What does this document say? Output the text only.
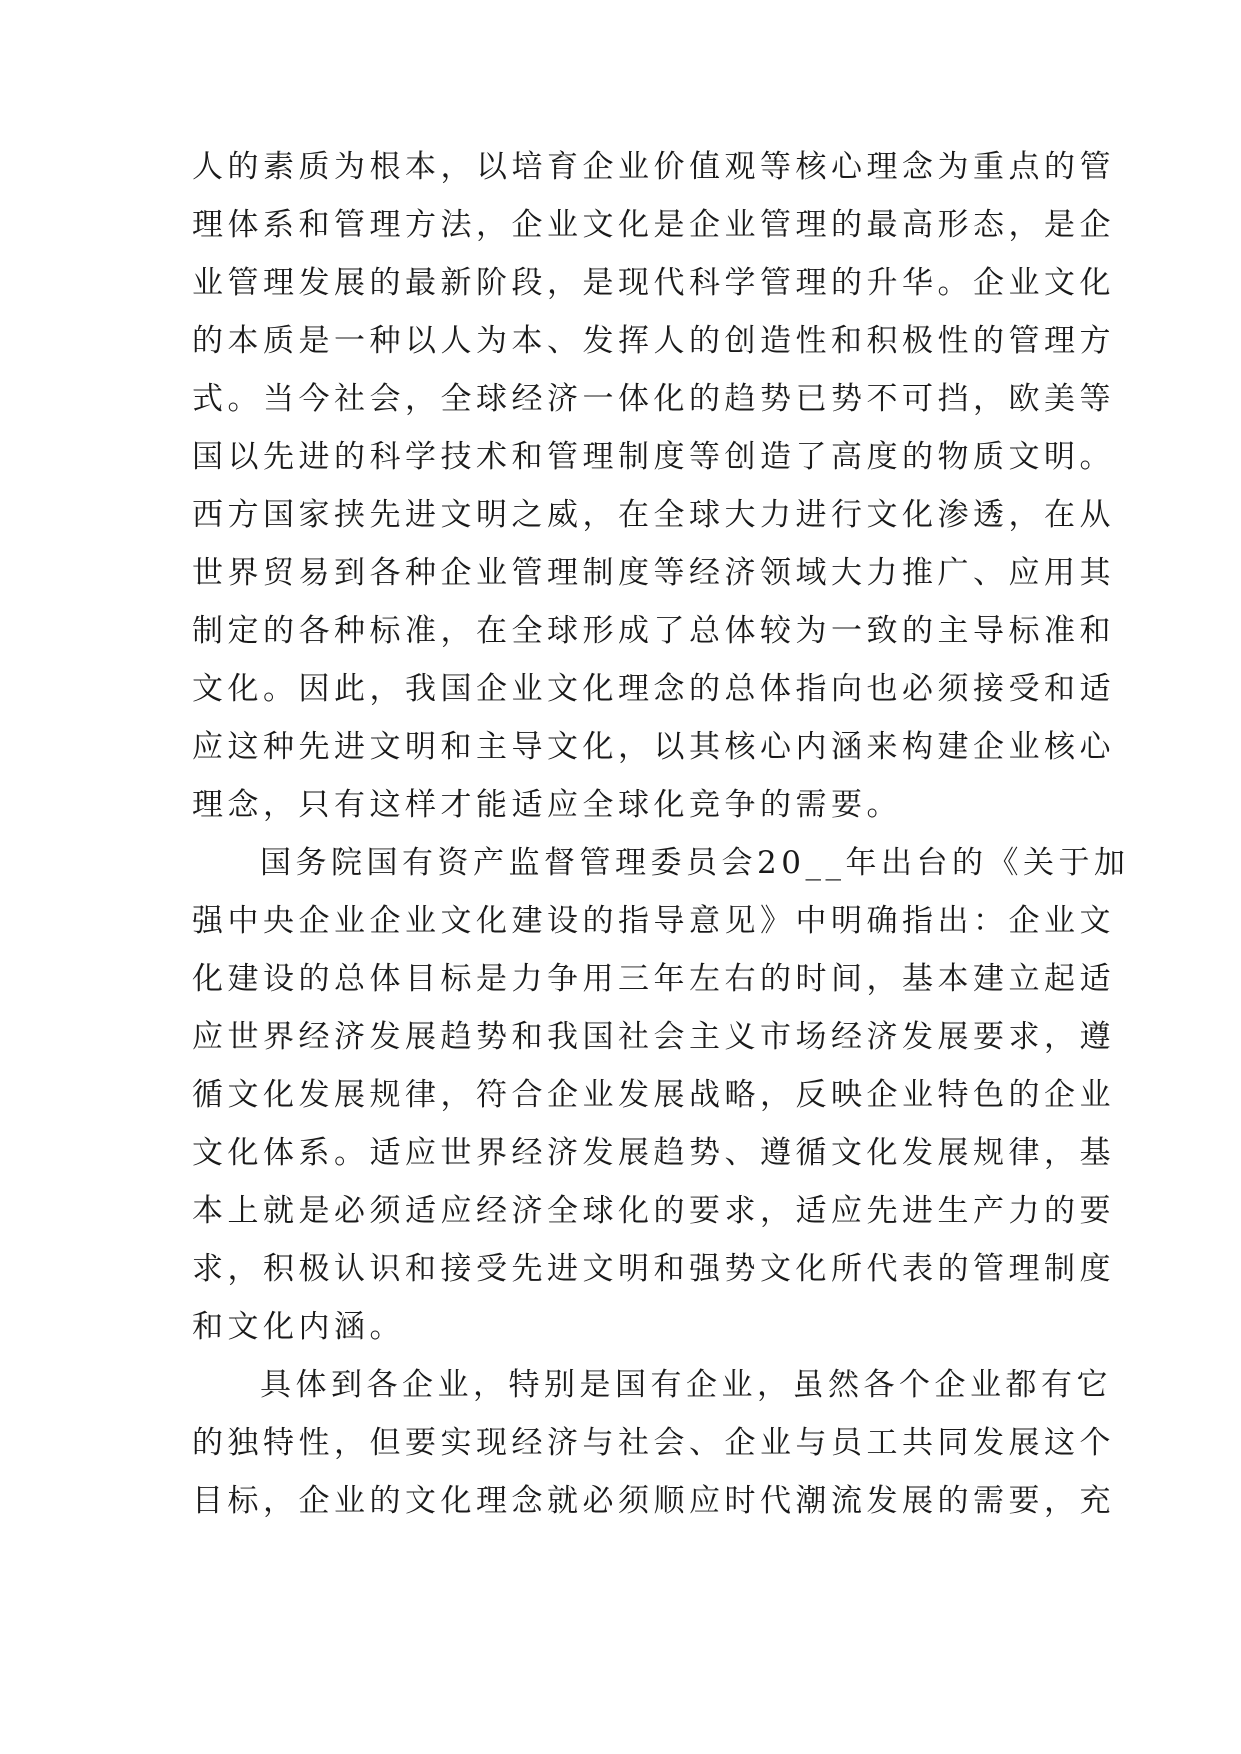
人的素质为根本，以培育企业价值观等核心理念为重点的管
理体系和管理方法，企业文化是企业管理的最高形态，是企
业管理发展的最新阶段，是现代科学管理的升华。企业文化
的本质是一种以人为本、发挥人的创造性和积极性的管理方
式。当今社会，全球经济一体化的趋势已势不可挡，欧美等
国以先进的科学技术和管理制度等创造了高度的物质文明。
西方国家挟先进文明之威，在全球大力进行文化渗透，在从
世界贸易到各种企业管理制度等经济领域大力推广、应用其
制定的各种标准，在全球形成了总体较为一致的主导标准和
文化。因此，我国企业文化理念的总体指向也必须接受和适
应这种先进文明和主导文化，以其核心内涵来构建企业核心
理念，只有这样才能适应全球化竞争的需要。
国务院国有资产监督管理委员会20__年出台的《关于加
强中央企业企业文化建设的指导意见》中明确指出：企业文
化建设的总体目标是力争用三年左右的时间，基本建立起适
应世界经济发展趋势和我国社会主义市场经济发展要求，遵
循文化发展规律，符合企业发展战略，反映企业特色的企业
文化体系。适应世界经济发展趋势、遵循文化发展规律，基
本上就是必须适应经济全球化的要求，适应先进生产力的要
求，积极认识和接受先进文明和强势文化所代表的管理制度
和文化内涵。
具体到各企业，特别是国有企业，虽然各个企业都有它
的独特性，但要实现经济与社会、企业与员工共同发展这个
目标，企业的文化理念就必须顺应时代潮流发展的需要，充
